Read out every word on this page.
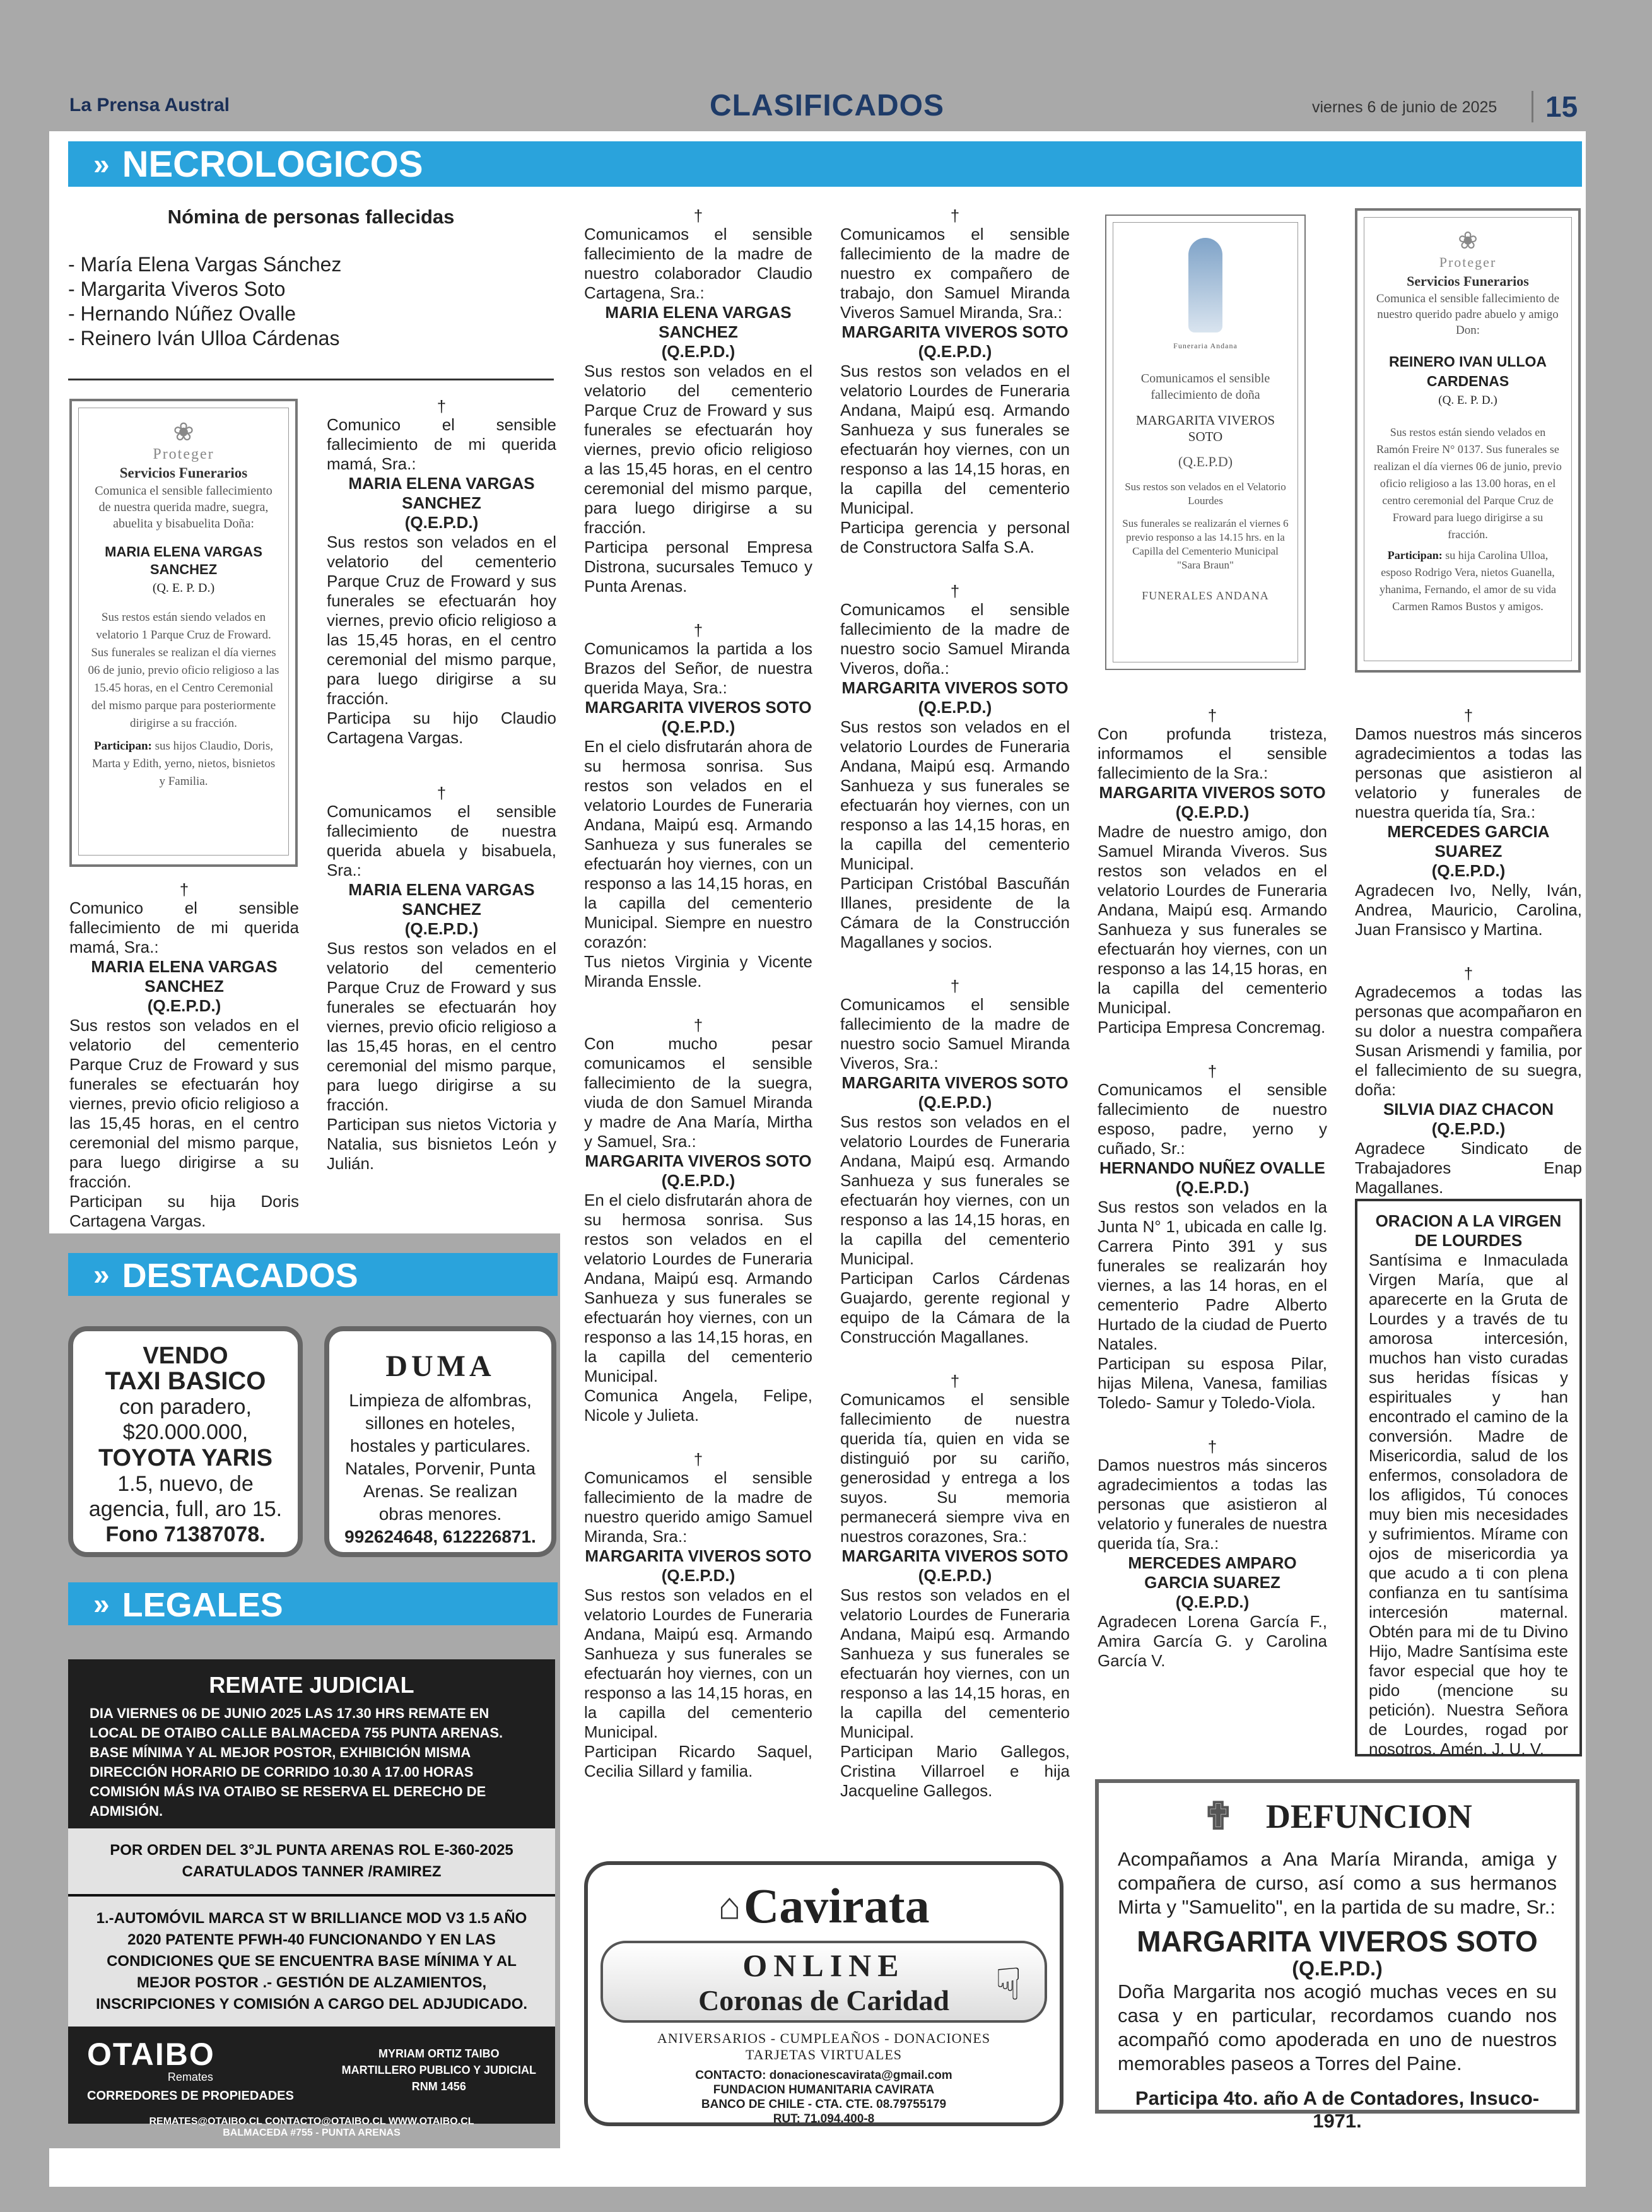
La Prensa Austral	CLASIFICADOS	viernes 6 de junio de 2025 15
» NECROLOGICOS
Nómina de personas fallecidas
- María Elena Vargas Sánchez
- Margarita Viveros Soto
- Hernando Núñez Ovalle
- Reinero Iván Ulloa Cárdenas
❀
Proteger
Servicios Funerarios
Comunica el sensible fallecimiento de nuestra querida madre, suegra, abuelita y bisabuelita Doña:
MARIA ELENA VARGAS SANCHEZ
(Q. E. P. D.)
Sus restos están siendo velados en velatorio 1 Parque Cruz de Froward. Sus funerales se realizan el día viernes 06 de junio, previo oficio religioso a las 15.45 horas, en el Centro Ceremonial del mismo parque para posteriormente dirigirse a su fracción.
Participan: sus hijos Claudio, Doris, Marta y Edith, yerno, nietos, bisnietos y Familia.
†

Comunico el sensible fallecimiento de mi querida mamá, Sra.:

MARIA ELENA VARGAS SANCHEZ

(Q.E.P.D.)

Sus restos son velados en el velatorio del cementerio Parque Cruz de Froward y sus funerales se efectuarán hoy viernes, previo oficio religioso a las 15,45 horas, en el centro ceremonial del mismo parque, para luego dirigirse a su fracción.

Participan su hija Doris Cartagena Vargas.

†

Comunico el sensible fallecimiento de mi querida mamá, Sra.:

MARIA ELENA VARGAS SANCHEZ

(Q.E.P.D.)

Sus restos son velados en el velatorio del cementerio Parque Cruz de Froward y sus funerales se efectuarán hoy viernes, previo oficio religioso a las 15,45 horas, en el centro ceremonial del mismo parque, para luego dirigirse a su fracción.

Participa su hijo Claudio Cartagena Vargas.

†

Comunicamos el sensible fallecimiento de nuestra querida abuela y bisabuela, Sra.:

MARIA ELENA VARGAS SANCHEZ

(Q.E.P.D.)

Sus restos son velados en el velatorio del cementerio Parque Cruz de Froward y sus funerales se efectuarán hoy viernes, previo oficio religioso a las 15,45 horas, en el centro ceremonial del mismo parque, para luego dirigirse a su fracción.

Participan sus nietos Victoria y Natalia, sus bisnietos León y Julián.

†

Comunicamos el sensible fallecimiento de la madre de nuestro colaborador Claudio Cartagena, Sra.:

MARIA ELENA VARGAS SANCHEZ

(Q.E.P.D.)

Sus restos son velados en el velatorio del cementerio Parque Cruz de Froward y sus funerales se efectuarán hoy viernes, previo oficio religioso a las 15,45 horas, en el centro ceremonial del mismo parque, para luego dirigirse a su fracción.

Participa personal Empresa Distrona, sucursales Temuco y Punta Arenas.

†

Comunicamos la partida a los Brazos del Señor, de nuestra querida Maya, Sra.:

MARGARITA VIVEROS SOTO

(Q.E.P.D.)

En el cielo disfrutarán ahora de su hermosa sonrisa. Sus restos son velados en el velatorio Lourdes de Funeraria Andana, Maipú esq. Armando Sanhueza y sus funerales se efectuarán hoy viernes, con un responso a las 14,15 horas, en la capilla del cementerio Municipal. Siempre en nuestro corazón:

Tus nietos Virginia y Vicente Miranda Enssle.

†

Con mucho pesar comunicamos el sensible fallecimiento de la suegra, viuda de don Samuel Miranda y madre de Ana María, Mirtha y Samuel, Sra.:

MARGARITA VIVEROS SOTO

(Q.E.P.D.)

En el cielo disfrutarán ahora de su hermosa sonrisa. Sus restos son velados en el velatorio Lourdes de Funeraria Andana, Maipú esq. Armando Sanhueza y sus funerales se efectuarán hoy viernes, con un responso a las 14,15 horas, en la capilla del cementerio Municipal.

Comunica Angela, Felipe, Nicole y Julieta.

†

Comunicamos el sensible fallecimiento de la madre de nuestro querido amigo Samuel Miranda, Sra.:

MARGARITA VIVEROS SOTO

(Q.E.P.D.)

Sus restos son velados en el velatorio Lourdes de Funeraria Andana, Maipú esq. Armando Sanhueza y sus funerales se efectuarán hoy viernes, con un responso a las 14,15 horas, en la capilla del cementerio Municipal.

Participan Ricardo Saquel, Cecilia Sillard y familia.

†

Comunicamos el sensible fallecimiento de la madre de nuestro ex compañero de trabajo, don Samuel Miranda Viveros Samuel Miranda, Sra.:

MARGARITA VIVEROS SOTO

(Q.E.P.D.)

Sus restos son velados en el velatorio Lourdes de Funeraria Andana, Maipú esq. Armando Sanhueza y sus funerales se efectuarán hoy viernes, con un responso a las 14,15 horas, en la capilla del cementerio Municipal.

Participa gerencia y personal de Constructora Salfa S.A.

†

Comunicamos el sensible fallecimiento de la madre de nuestro socio Samuel Miranda Viveros, doña.:

MARGARITA VIVEROS SOTO

(Q.E.P.D.)

Sus restos son velados en el velatorio Lourdes de Funeraria Andana, Maipú esq. Armando Sanhueza y sus funerales se efectuarán hoy viernes, con un responso a las 14,15 horas, en la capilla del cementerio Municipal.

Participan Cristóbal Bascuñán Illanes, presidente de la Cámara de la Construcción Magallanes y socios.

†

Comunicamos el sensible fallecimiento de la madre de nuestro socio Samuel Miranda Viveros, Sra.:

MARGARITA VIVEROS SOTO

(Q.E.P.D.)

Sus restos son velados en el velatorio Lourdes de Funeraria Andana, Maipú esq. Armando Sanhueza y sus funerales se efectuarán hoy viernes, con un responso a las 14,15 horas, en la capilla del cementerio Municipal.

Participan Carlos Cárdenas Guajardo, gerente regional y equipo de la Cámara de la Construcción Magallanes.

†

Comunicamos el sensible fallecimiento de nuestra querida tía, quien en vida se distinguió por su cariño, generosidad y entrega a los suyos. Su memoria permanecerá siempre viva en nuestros corazones, Sra.:

MARGARITA VIVEROS SOTO

(Q.E.P.D.)

Sus restos son velados en el velatorio Lourdes de Funeraria Andana, Maipú esq. Armando Sanhueza y sus funerales se efectuarán hoy viernes, con un responso a las 14,15 horas, en la capilla del cementerio Municipal.

Participan Mario Gallegos, Cristina Villarroel e hija Jacqueline Gallegos.

Funeraria Andana
Comunicamos el sensible fallecimiento de doña
MARGARITA VIVEROS SOTO
(Q.E.P.D)
Sus restos son velados en el Velatorio Lourdes
Sus funerales se realizarán el viernes 6 previo responso a las 14.15 hrs. en la Capilla del Cementerio Municipal "Sara Braun"
FUNERALES ANDANA

†

Con profunda tristeza, informamos el sensible fallecimiento de la Sra.:

MARGARITA VIVEROS SOTO

(Q.E.P.D.)

Madre de nuestro amigo, don Samuel Miranda Viveros. Sus restos son velados en el velatorio Lourdes de Funeraria Andana, Maipú esq. Armando Sanhueza y sus funerales se efectuarán hoy viernes, con un responso a las 14,15 horas, en la capilla del cementerio Municipal.

Participa Empresa Concremag.

†

Comunicamos el sensible fallecimiento de nuestro esposo, padre, yerno y cuñado, Sr.:

HERNANDO NUÑEZ OVALLE

(Q.E.P.D.)

Sus restos son velados en la Junta N° 1, ubicada en calle Ig. Carrera Pinto 391 y sus funerales se realizarán hoy viernes, a las 14 horas, en el cementerio Padre Alberto Hurtado de la ciudad de Puerto Natales.

Participan su esposa Pilar, hijas Milena, Vanesa, familias Toledo- Samur y Toledo-Viola.

†

Damos nuestros más sinceros agradecimientos a todas las personas que asistieron al velatorio y funerales de nuestra querida tía, Sra.:

MERCEDES AMPARO GARCIA SUAREZ

(Q.E.P.D.)

Agradecen Lorena García F., Amira García G. y Carolina García V.

❀
Proteger
Servicios Funerarios
Comunica el sensible fallecimiento de nuestro querido padre abuelo y amigo Don:
REINERO IVAN ULLOA CARDENAS
(Q. E. P. D.)
Sus restos están siendo velados en Ramón Freire N° 0137. Sus funerales se realizan el día viernes 06 de junio, previo oficio religioso a las 13.00 horas, en el centro ceremonial del Parque Cruz de Froward para luego dirigirse a su fracción.
Participan: su hija Carolina Ulloa, esposo Rodrigo Vera, nietos Guanella, yhanima, Fernando, el amor de su vida Carmen Ramos Bustos y amigos.

†

Damos nuestros más sinceros agradecimientos a todas las personas que asistieron al velatorio y funerales de nuestra querida tía, Sra.:

MERCEDES GARCIA SUAREZ

(Q.E.P.D.)

Agradecen Ivo, Nelly, Iván, Andrea, Mauricio, Carolina, Juan Fransisco y Martina.

†

Agradecemos a todas las personas que acompañaron en su dolor a nuestra compañera Susan Arismendi y familia, por el fallecimiento de su suegra, doña:

SILVIA DIAZ CHACON

(Q.E.P.D.)

Agradece Sindicato de Trabajadores Enap Magallanes.

ORACION A LA VIRGEN DE LOURDES
Santísima e Inmaculada Virgen María, que al aparecerte en la Gruta de Lourdes y a través de tu amorosa intercesión, muchos han visto curadas sus heridas físicas y espirituales y han encontrado el camino de la conversión. Madre de Misericordia, salud de los enfermos, consoladora de los afligidos, Tú conoces muy bien mis necesidades y sufrimientos. Mírame con ojos de misericordia ya que acudo a ti con plena confianza en tu santísima intercesión maternal. Obtén para mi de tu Divino Hijo, Madre Santísima este favor especial que hoy te pido (mencione su petición). Nuestra Señora de Lourdes, rogad por nosotros. Amén. J. U. V.
✟ DEFUNCION
Acompañamos a Ana María Miranda, amiga y compañera de curso, así como a sus hermanos Mirta y "Samuelito", en la partida de su madre, Sr.:
MARGARITA VIVEROS SOTO
(Q.E.P.D.)
Doña Margarita nos acogió muchas veces en su casa y en particular, recordamos cuando nos acompañó como apoderada en uno de nuestros memorables paseos a Torres del Paine.
Participa 4to. año A de Contadores, Insuco- 1971.
» DESTACADOS
VENDO
TAXI BASICO
con paradero,
$20.000.000,
TOYOTA YARIS
1.5, nuevo, de
agencia, full, aro 15.
Fono 71387078.
DUMA
Limpieza de alfombras, sillones en hoteles, hostales y particulares. Natales, Porvenir, Punta Arenas. Se realizan obras menores.
992624648, 612226871.
» LEGALES
REMATE JUDICIAL
DIA VIERNES 06 DE JUNIO 2025 LAS 17.30 HRS REMATE EN LOCAL DE OTAIBO CALLE BALMACEDA 755 PUNTA ARENAS. BASE MÍNIMA Y AL MEJOR POSTOR, EXHIBICIÓN MISMA DIRECCIÓN HORARIO DE CORRIDO 10.30 A 17.00 HORAS COMISIÓN MÁS IVA OTAIBO SE RESERVA EL DERECHO DE ADMISIÓN.
POR ORDEN DEL 3°JL PUNTA ARENAS ROL E-360-2025 CARATULADOS TANNER /RAMIREZ
1.-AUTOMÓVIL MARCA ST W BRILLIANCE MOD V3 1.5 AÑO 2020 PATENTE PFWH-40 FUNCIONANDO Y EN LAS CONDICIONES QUE SE ENCUENTRA BASE MÍNIMA Y AL MEJOR POSTOR .- GESTIÓN DE ALZAMIENTOS, INSCRIPCIONES Y COMISIÓN A CARGO DEL ADJUDICADO.
OTAIBO
Remates
CORREDORES DE PROPIEDADES
MYRIAM ORTIZ TAIBO
MARTILLERO PUBLICO Y JUDICIAL
RNM 1456
REMATES@OTAIBO.CL CONTACTO@OTAIBO.CL WWW.OTAIBO.CL
BALMACEDA #755 - PUNTA ARENAS
⌂ Cavirata
ONLINE
Coronas de Caridad	☟
ANIVERSARIOS - CUMPLEAÑOS - DONACIONES
TARJETAS VIRTUALES
CONTACTO: donacionescavirata@gmail.com
FUNDACION HUMANITARIA CAVIRATA
BANCO DE CHILE - CTA. CTE. 08.79755179
RUT: 71.094.400-8
